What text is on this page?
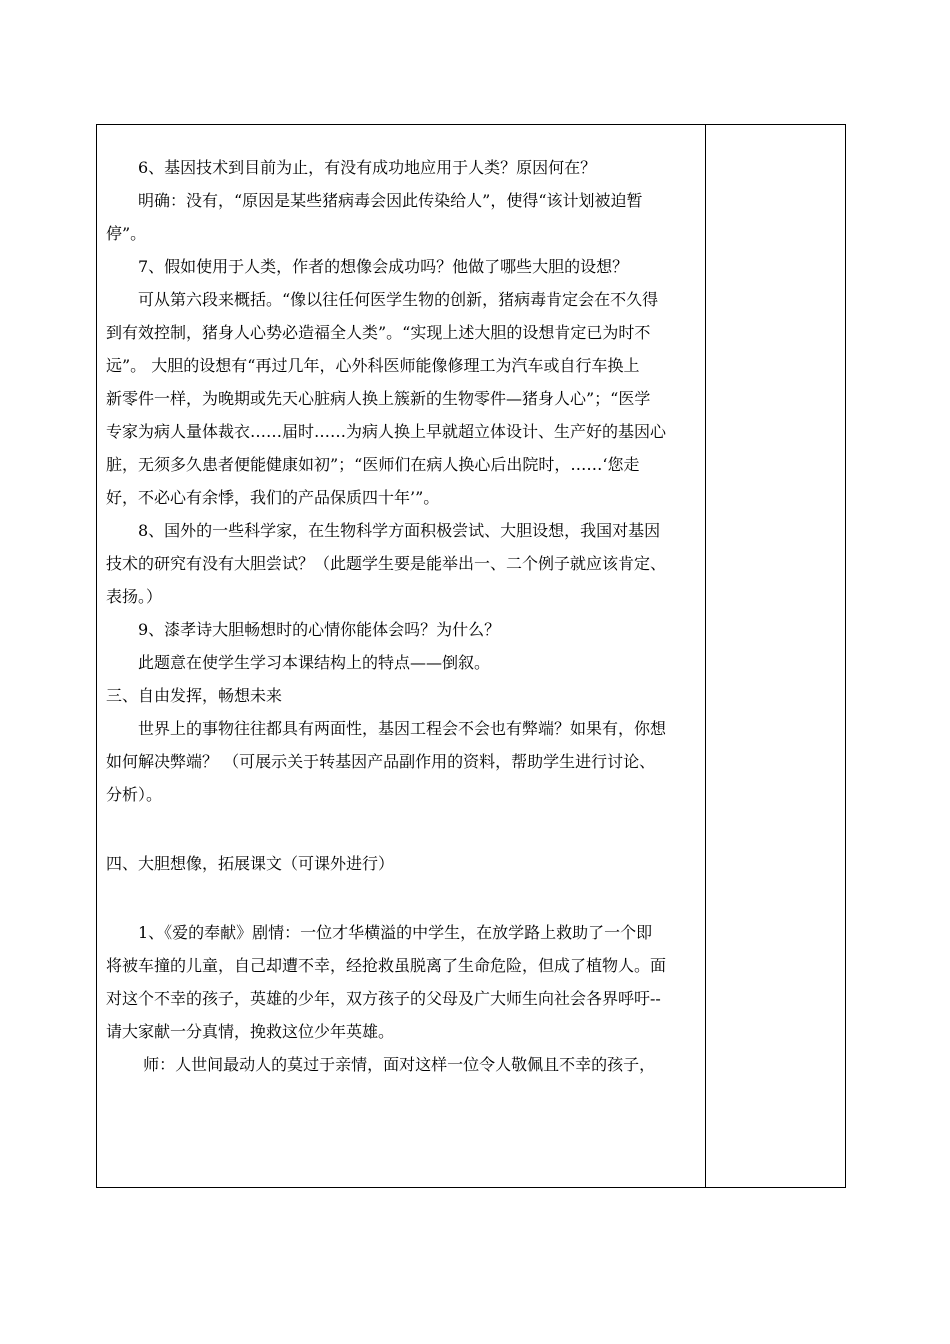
　　6、基因技术到目前为止，有没有成功地应用于人类？原因何在？

　　明确：没有，“原因是某些猪病毒会因此传染给人”，使得“该计划被迫暂

停”。

　　7、假如使用于人类，作者的想像会成功吗？他做了哪些大胆的设想？

　　可从第六段来概括。“像以往任何医学生物的创新，猪病毒肯定会在不久得

到有效控制，猪身人心势必造福全人类”。“实现上述大胆的设想肯定已为时不

远”。 大胆的设想有“再过几年，心外科医师能像修理工为汽车或自行车换上

新零件一样，为晚期或先天心脏病人换上簇新的生物零件—猪身人心”；“医学

专家为病人量体裁衣……届时……为病人换上早就超立体设计、生产好的基因心

脏，无须多久患者便能健康如初”；“医师们在病人换心后出院时，……‘您走

好，不必心有余悸，我们的产品保质四十年’”。

　　8、国外的一些科学家，在生物科学方面积极尝试、大胆设想，我国对基因

技术的研究有没有大胆尝试？（此题学生要是能举出一、二个例子就应该肯定、

表扬。）

　　9、漆孝诗大胆畅想时的心情你能体会吗？为什么？

　　此题意在使学生学习本课结构上的特点——倒叙。

三、自由发挥，畅想未来

　　世界上的事物往往都具有两面性，基因工程会不会也有弊端？如果有，你想

如何解决弊端？ （可展示关于转基因产品副作用的资料，帮助学生进行讨论、

分析）。

四、大胆想像，拓展课文（可课外进行）

　　1、《爱的奉献》剧情：一位才华横溢的中学生，在放学路上救助了一个即

将被车撞的儿童，自己却遭不幸，经抢救虽脱离了生命危险，但成了植物人。面

对这个不幸的孩子，英雄的少年，双方孩子的父母及广大师生向社会各界呼吁--

请大家献一分真情，挽救这位少年英雄。

　　 师：人世间最动人的莫过于亲情，面对这样一位令人敬佩且不幸的孩子，
